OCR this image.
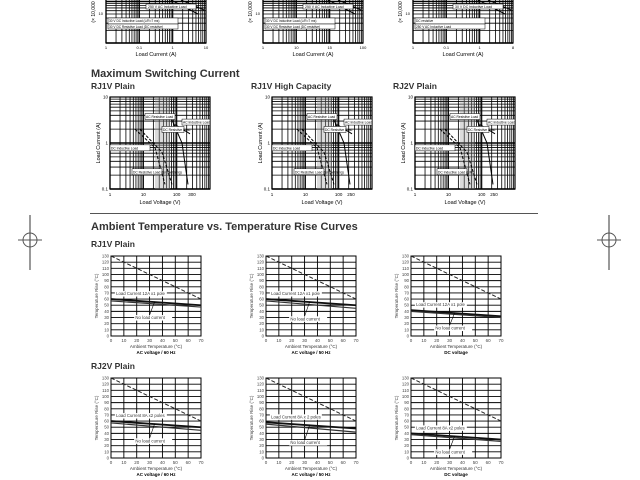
250 V AC Inductive Load
30 V DC Inductive Load (L/R=7 ms)
30 V DC Resistive Load (DC resistive)
10
(× 10,000
1	0.1	1	10
Load Current (A)
250 V AC Inductive Load
30 V DC Inductive Load (L/R=7 ms)
30 V DC Resistive Load (DC resistive)
10
(× 10,000
1	10	15	100
Load Current (A)
30 V DC Inductive Load
DC resistive
250 V AC Inductive Load
10
(× 10,000
1	0.1	1	8
Load Current (A)
Maximum Switching Current
RJ1V Plain	RJ1V High Capacity	RJ2V Plain
AC Resistive Load
AC Inductive Load
DC Resistive Load
DC Inductive Load
DC Resistive Load (for switching)
0.1
1
10
1	10	100 300
Load Voltage (V)
Load Current (A)
AC Resistive Load
AC Inductive Load
DC Resistive Load
DC Inductive Load
DC Resistive Load (for switching)
0.1
1
10
1	10	100 250
Load Voltage (V)
Load Current (A)
AC Resistive Load
AC Inductive Load
DC Resistive Load
DC Inductive Load
DC Inductive Load (L/R)
0.1
1
10
1	10	100 250
Load Voltage (V)
Load Current (A)
Ambient Temperature vs. Temperature Rise Curves
RJ1V Plain
RJ2V Plain
0
10
20
30
40
50
60
70
80
90
100
110
120
130
0 10 20 30 40 50 60 70
Ambient Temperature (°C)
AC voltage / 60 Hz
Temperature Rise (°C)	Load Current 12A x1 pole
No load current
0
10
20
30
40
50
60
70
80
90
100
110
120
130
0 10 20 30 40 50 60 70
Ambient Temperature (°C)
AC voltage / 50 Hz
Temperature Rise (°C)	Load Current 12A x1 pole
No load current
0
10
20
30
40
50
60
70
80
90
100
110
120
130
0 10 20 30 40 50 60 70
Ambient Temperature (°C)
DC voltage
Temperature Rise (°C)	Load Current 12A x1 pole
No load current
0
10
20
30
40
50
60
70
80
90
100
110
120
130
0 10 20 30 40 50 60 70
Ambient Temperature (°C)
AC voltage / 60 Hz
Temperature Rise (°C)	Load Current 8A x2 poles
No load current
0
10
20
30
40
50
60
70
80
90
100
110
120
130
0 10 20 30 40 50 60 70
Ambient Temperature (°C)
AC voltage / 50 Hz
Temperature Rise (°C)	Load Current 8A x 2 poles
No load current
0
10
20
30
40
50
60
70
80
90
100
110
120
130
0 10 20 30 40 50 60 70
Ambient Temperature (°C)
DC voltage
Temperature Rise (°C)	Load Current 8A x2 poles
No load current
